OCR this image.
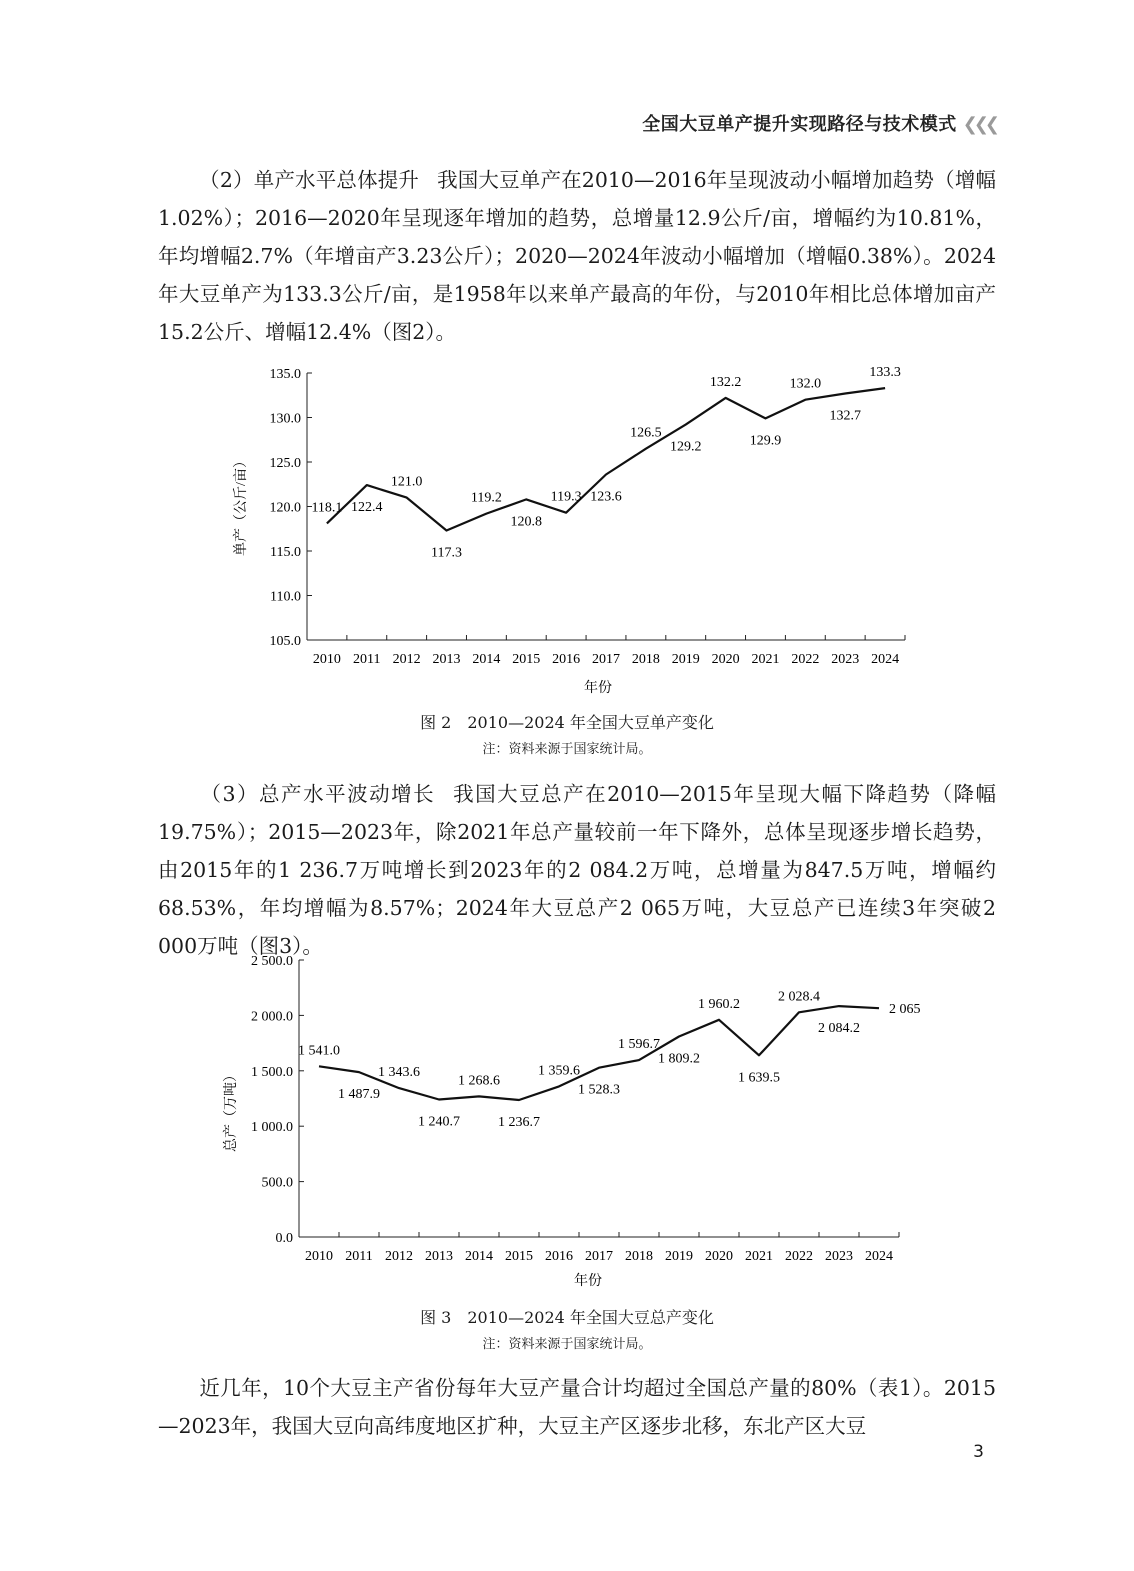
全国大豆单产提升实现路径与技术模式 ❮❮❮

（2）单产水平总体提升 我国大豆单产在2010—2016年呈现波动小幅增加趋势（增幅1.02%）；2016—2020年呈现逐年增加的趋势，总增量12.9公斤/亩，增幅约为10.81%，年均增幅2.7%（年增亩产3.23公斤）；2020—2024年波动小幅增加（增幅0.38%）。2024年大豆单产为133.3公斤/亩，是1958年以来单产最高的年份，与2010年相比总体增加亩产15.2公斤、增幅12.4%（图2）。

105.0
110.0
115.0
120.0
125.0
130.0
135.0
2010 2011 2012 2013 2014 2015 2016 2017 2018 2019 2020 2021 2022 2023 2024
118.1 122.4
121.0
117.3
119.2
120.8
119.3 123.6
126.5
129.2
132.2
129.9
132.0
132.7
133.3
年份
单产（公斤/亩）
图 2　2010—2024 年全国大豆单产变化
注：资料来源于国家统计局。

（3）总产水平波动增长 我国大豆总产在2010—2015年呈现大幅下降趋势（降幅19.75%）；2015—2023年，除2021年总产量较前一年下降外，总体呈现逐步增长趋势，由2015年的1 236.7万吨增长到2023年的2 084.2万吨，总增量为847.5万吨，增幅约68.53%，年均增幅为8.57%；2024年大豆总产2 065万吨，大豆总产已连续3年突破2 000万吨（图3）。

0.0
500.0
1 000.0
1 500.0
2 000.0
2 500.0
2010 2011 2012 2013 2014 2015 2016 2017 2018 2019 2020 2021 2022 2023 2024
1 541.0
1 487.9
1 343.6
1 240.7
1 268.6
1 236.7
1 359.6
1 528.3
1 596.7
1 809.2
1 960.2
1 639.5
2 028.4
2 084.2
2 065
年份
总产（万吨）
图 3　2010—2024 年全国大豆总产变化
注：资料来源于国家统计局。

近几年，10个大豆主产省份每年大豆产量合计均超过全国总产量的80%（表1）。2015—2023年，我国大豆向高纬度地区扩种，大豆主产区逐步北移，东北产区大豆

3
